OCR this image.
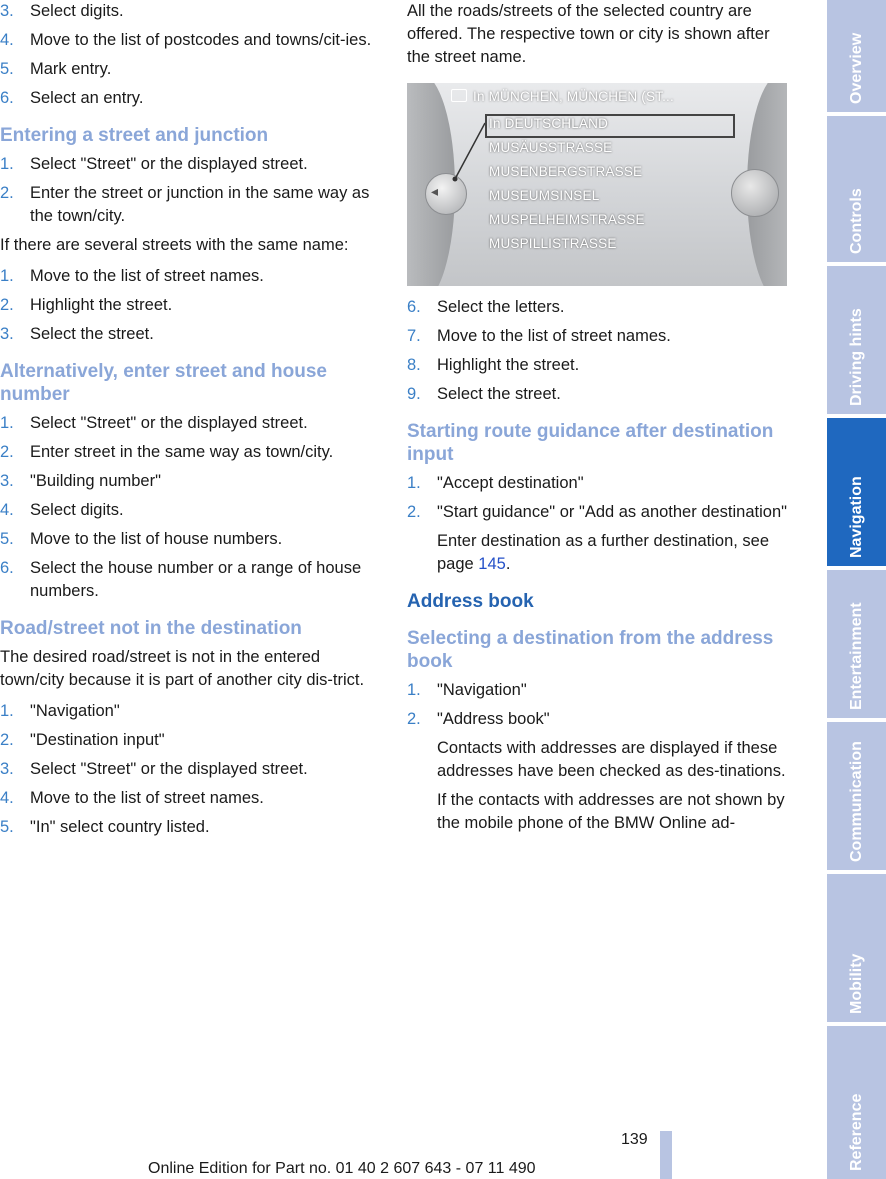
3. Select digits.
4. Move to the list of postcodes and towns/cit‐ies.
5. Mark entry.
6. Select an entry.
Entering a street and junction
1. Select "Street" or the displayed street.
2. Enter the street or junction in the same way as the town/city.

If there are several streets with the same name:

1. Move to the list of street names.
2. Highlight the street.
3. Select the street.
Alternatively, enter street and house number
1. Select "Street" or the displayed street.
2. Enter street in the same way as town/city.
3. "Building number"
4. Select digits.
5. Move to the list of house numbers.
6. Select the house number or a range of house numbers.
Road/street not in the destination

The desired road/street is not in the entered town/city because it is part of another city dis‐trict.

1. "Navigation"
2. "Destination input"
3. Select "Street" or the displayed street.
4. Move to the list of street names.
5. "In" select country listed.

All the roads/streets of the selected country are offered. The respective town or city is shown after the street name.

◂
In MÜNCHEN, MÜNCHEN (ST...
In DEUTSCHLAND
MUSÄUSSTRASSE
MUSENBERGSTRASSE
MUSEUMSINSEL
MUSPELHEIMSTRASSE
MUSPILLISTRASSE
6. Select the letters.
7. Move to the list of street names.
8. Highlight the street.
9. Select the street.
Starting route guidance after destination input
1. "Accept destination"
2. "Start guidance" or "Add as another destination"
Enter destination as a further destination, see page 145.
Address book
Selecting a destination from the address book
1. "Navigation"
2. "Address book"
Contacts with addresses are displayed if these addresses have been checked as des‐tinations.
If the contacts with addresses are not shown by the mobile phone of the BMW Online ad‐
Overview
Controls
Driving hints
Navigation
Entertainment
Communication
Mobility
Reference
139
Online Edition for Part no. 01 40 2 607 643 - 07 11 490
